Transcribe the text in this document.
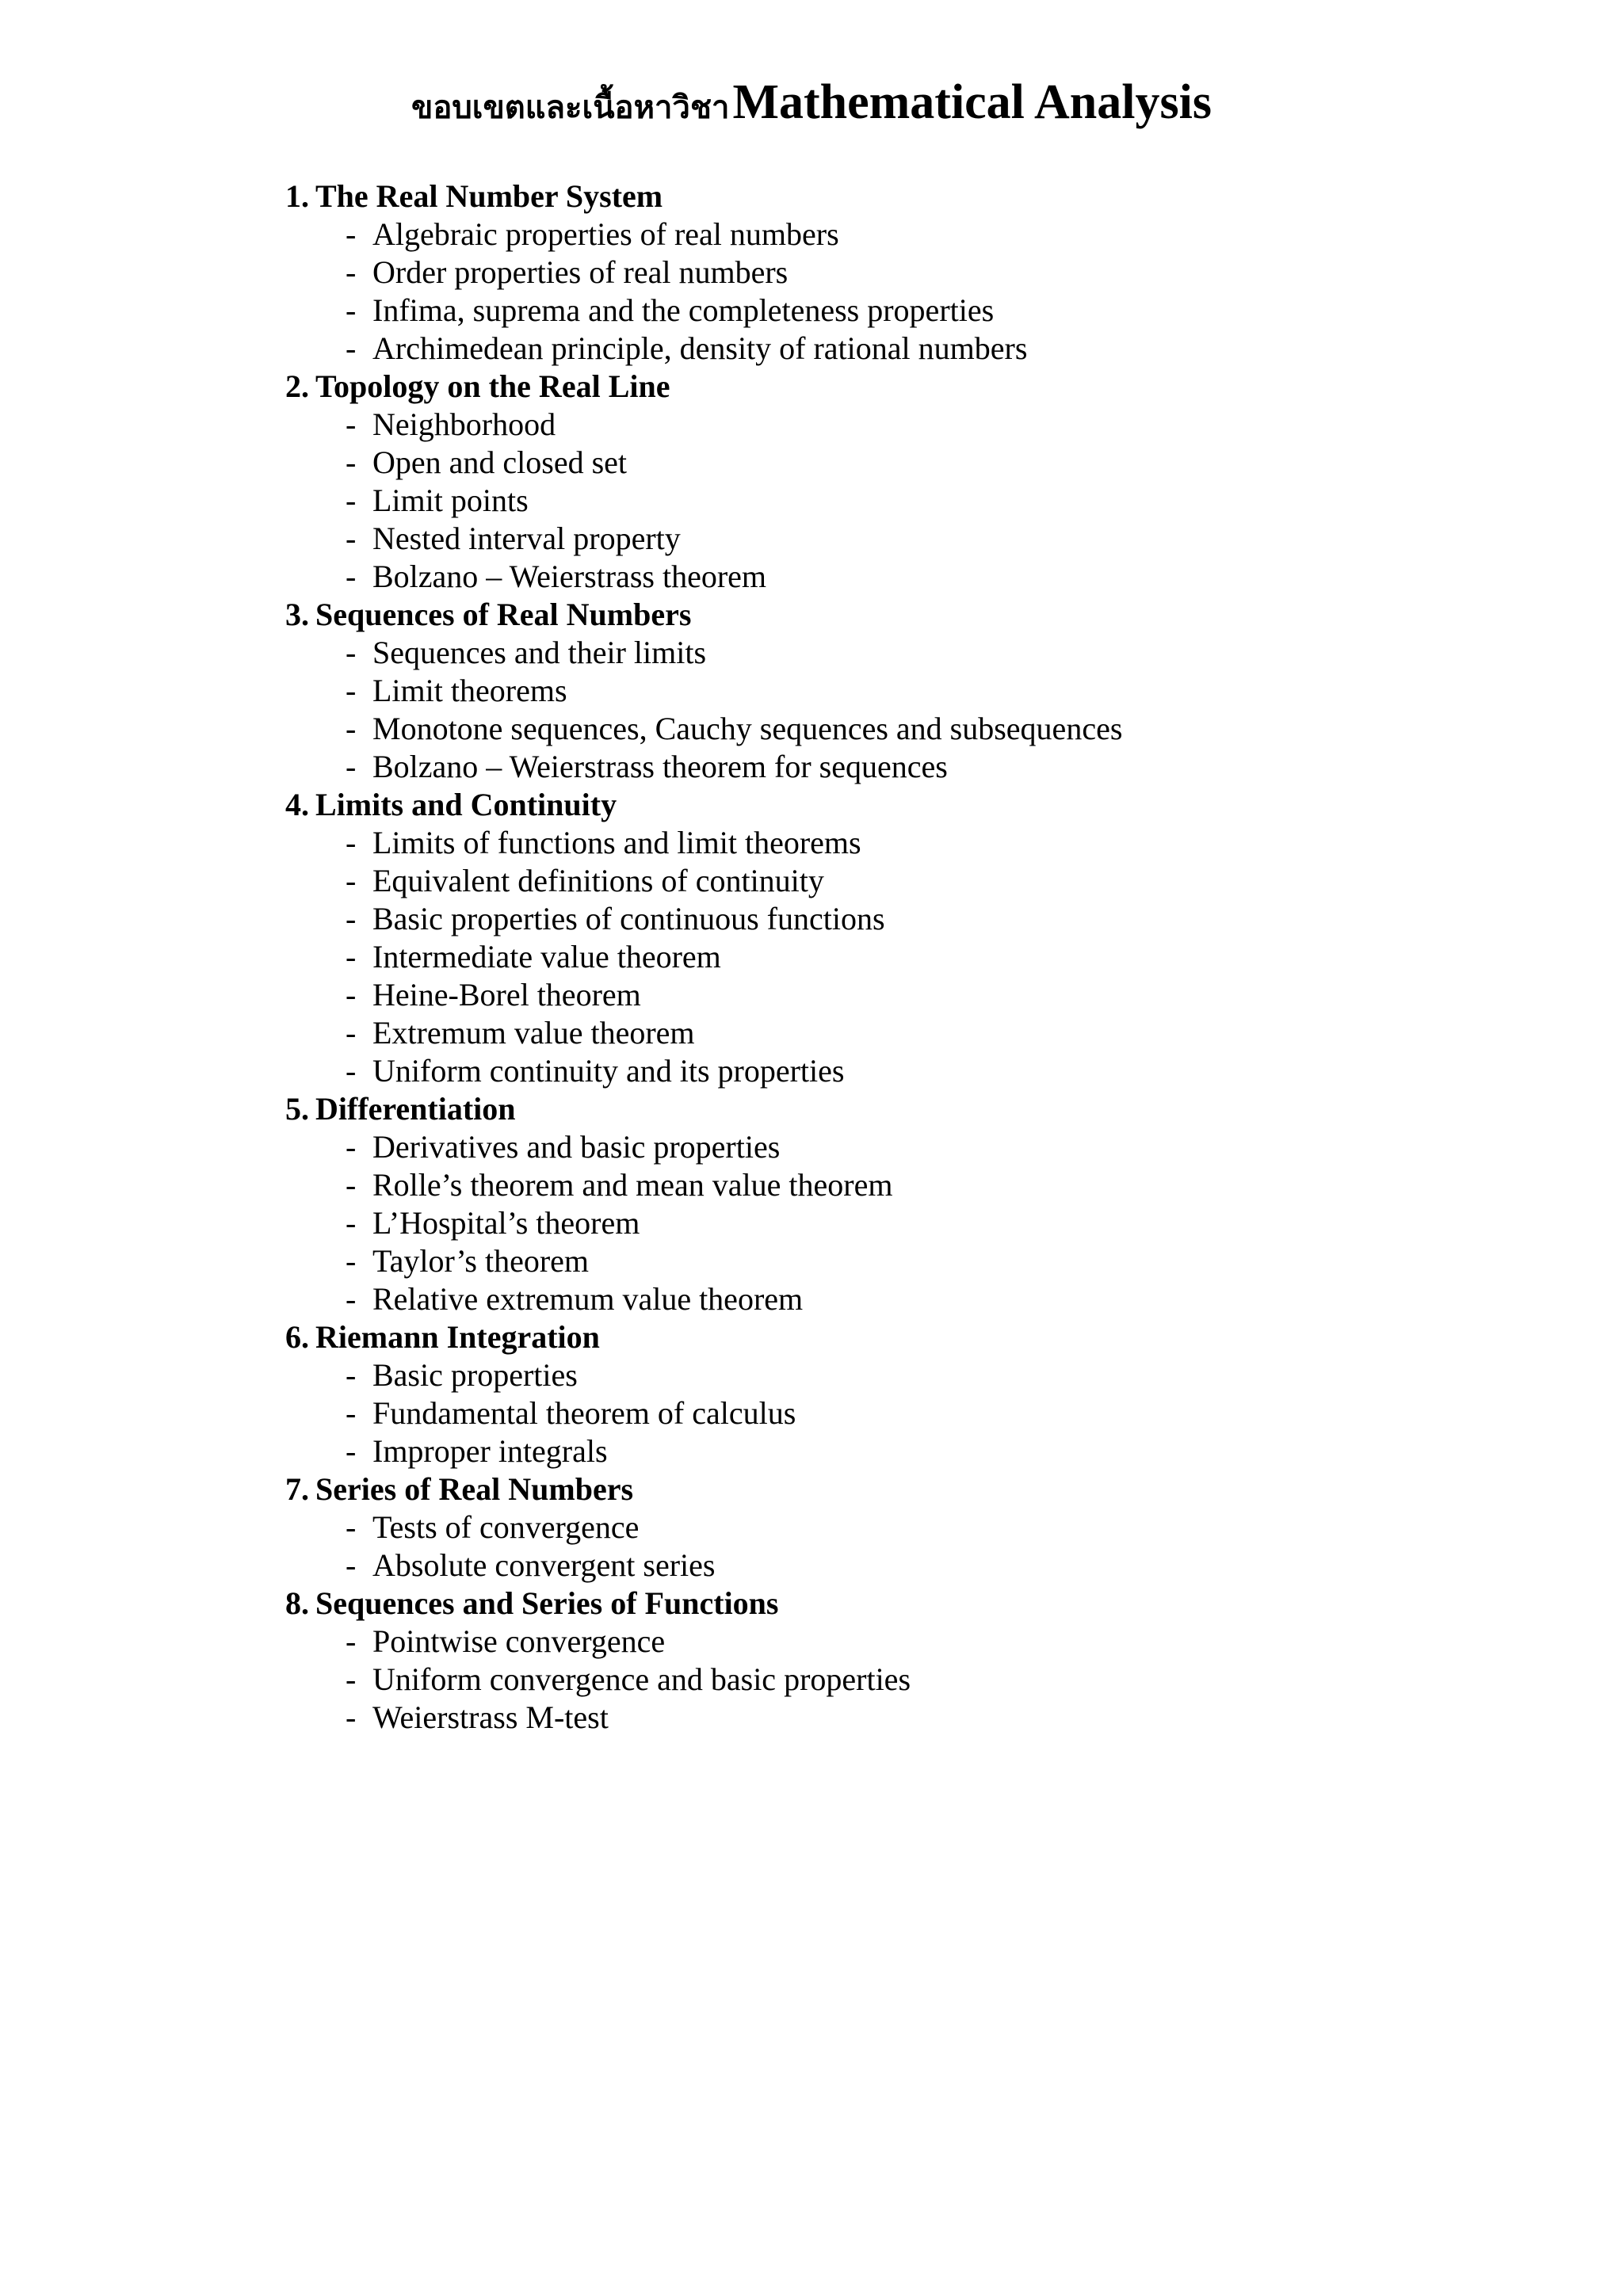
ขอบเขตและเนื้อหาวิชา Mathematical Analysis
1. The Real Number System
- Algebraic properties of real numbers
- Order properties of real numbers
- Infima, suprema and the completeness properties
- Archimedean principle, density of rational numbers
2. Topology on the Real Line
- Neighborhood
- Open and closed set
- Limit points
- Nested interval property
- Bolzano – Weierstrass theorem
3. Sequences of Real Numbers
- Sequences and their limits
- Limit theorems
- Monotone sequences, Cauchy sequences and subsequences
- Bolzano – Weierstrass theorem for sequences
4. Limits and Continuity
- Limits of functions and limit theorems
- Equivalent definitions of continuity
- Basic properties of continuous functions
- Intermediate value theorem
- Heine-Borel theorem
- Extremum value theorem
- Uniform continuity and its properties
5. Differentiation
- Derivatives and basic properties
- Rolle’s theorem and mean value theorem
- L’Hospital’s theorem
- Taylor’s theorem
- Relative extremum value theorem
6. Riemann Integration
- Basic properties
- Fundamental theorem of calculus
- Improper integrals
7. Series of Real Numbers
- Tests of convergence
- Absolute convergent series
8. Sequences and Series of Functions
- Pointwise convergence
- Uniform convergence and basic properties
- Weierstrass M-test
